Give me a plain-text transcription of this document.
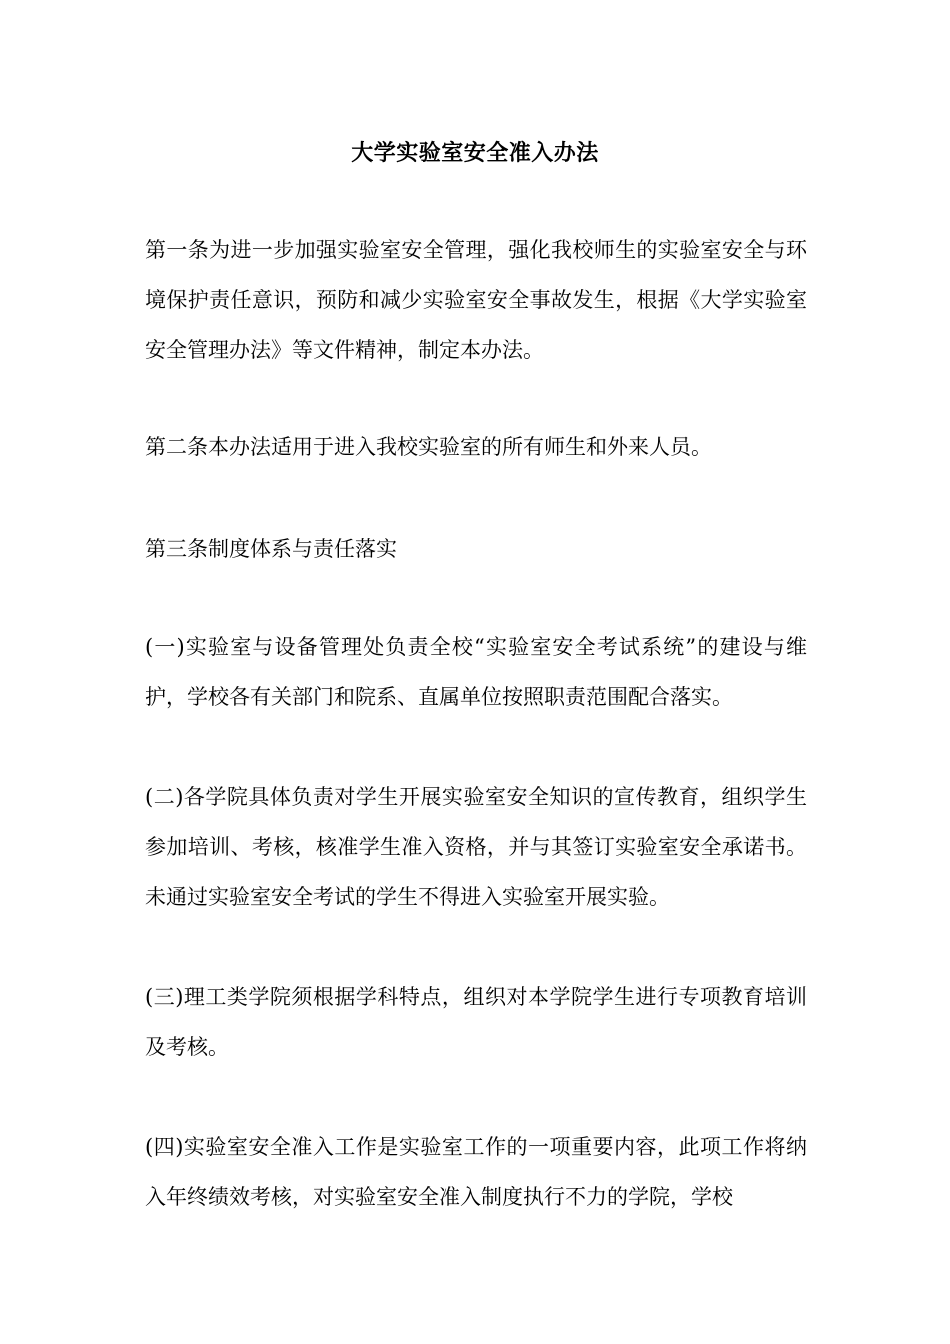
大学实验室安全准入办法

第一条为进一步加强实验室安全管理，强化我校师生的实验室安全与环境保护责任意识，预防和减少实验室安全事故发生，根据《大学实验室安全管理办法》等文件精神，制定本办法。

第二条本办法适用于进入我校实验室的所有师生和外来人员。

第三条制度体系与责任落实

(一)实验室与设备管理处负责全校“实验室安全考试系统”的建设与维护，学校各有关部门和院系、直属单位按照职责范围配合落实。

(二)各学院具体负责对学生开展实验室安全知识的宣传教育，组织学生参加培训、考核，核准学生准入资格，并与其签订实验室安全承诺书。未通过实验室安全考试的学生不得进入实验室开展实验。

(三)理工类学院须根据学科特点，组织对本学院学生进行专项教育培训及考核。

(四)实验室安全准入工作是实验室工作的一项重要内容，此项工作将纳入年终绩效考核，对实验室安全准入制度执行不力的学院，学校
